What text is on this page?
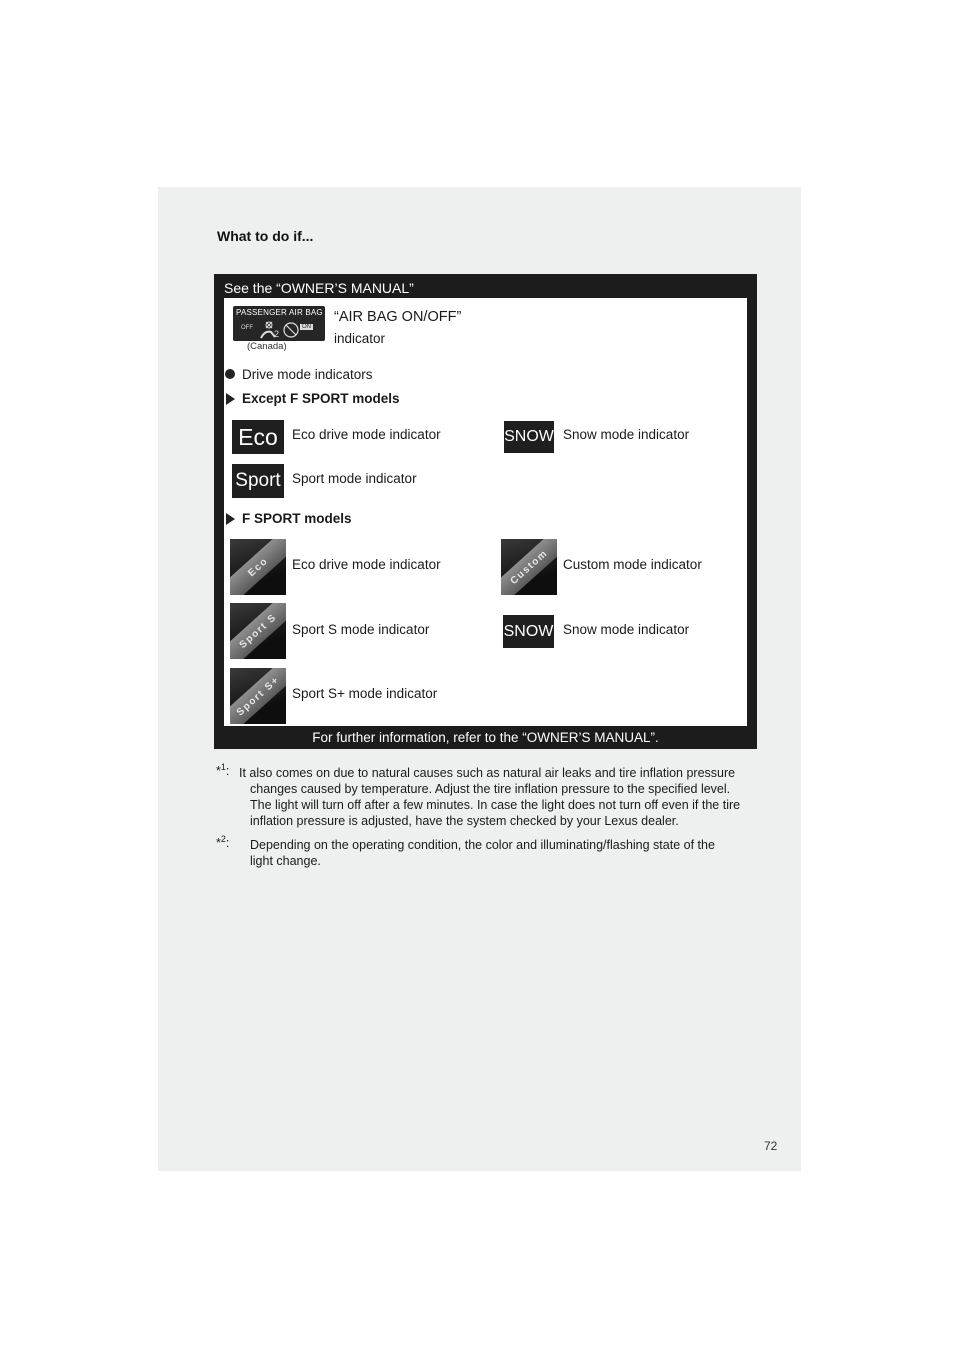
What to do if...
See the “OWNER’S MANUAL”
PASSENGER AIR BAG
OFF
2
ON
(Canada)
“AIR BAG ON/OFF”
indicator
Drive mode indicators
Except F SPORT models
Eco	Eco drive mode indicator	SNOW Snow mode indicator
Sport Sport mode indicator
F SPORT models
Eco Eco drive mode indicator	Custom Custom mode indicator
Sport S Sport S mode indicator	SNOW Snow mode indicator
Sport S+ Sport S+ mode indicator
For further information, refer to the “OWNER’S MANUAL”.
*$^1$: It also comes on due to natural causes such as natural air leaks and tire inflation pressure
changes caused by temperature. Adjust the tire inflation pressure to the specified level.
The light will turn off after a few minutes. In case the light does not turn off even if the tire
inflation pressure is adjusted, have the system checked by your Lexus dealer.
*$^2$: Depending on the operating condition, the color and illuminating/flashing state of the
light change.
72
